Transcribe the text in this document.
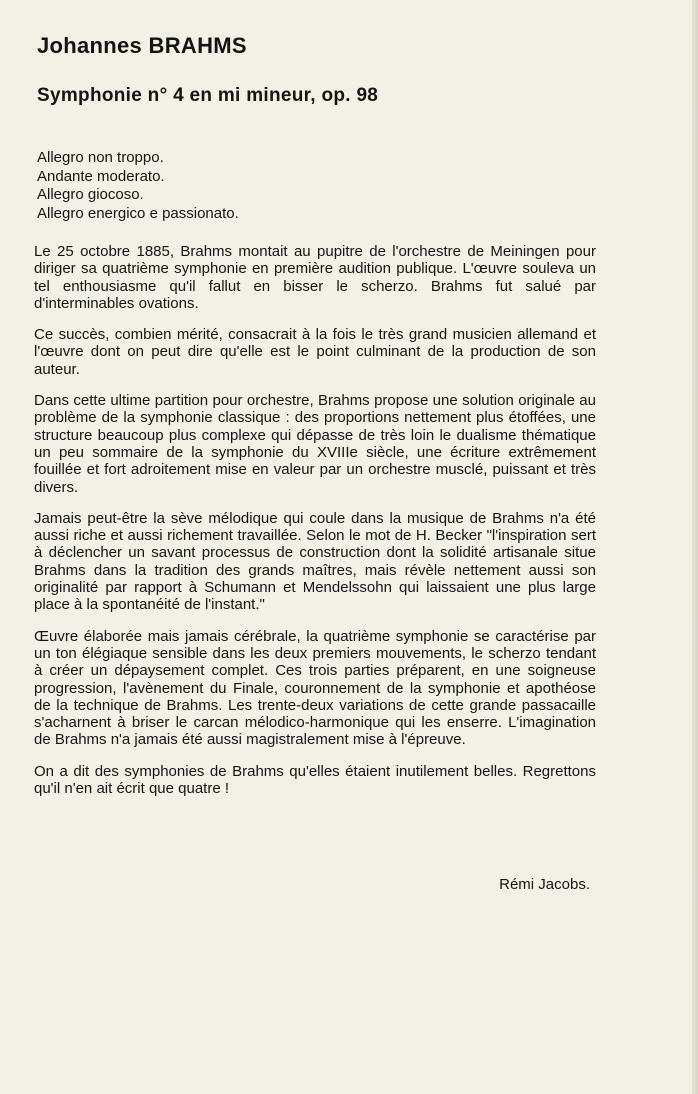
Johannes BRAHMS
Symphonie n° 4 en mi mineur, op. 98
Allegro non troppo.
Andante moderato.
Allegro giocoso.
Allegro energico e passionato.

Le 25 octobre 1885, Brahms montait au pupitre de l'orchestre de Meiningen pour diriger sa quatrième symphonie en première audition publique. L'œuvre souleva un tel enthousiasme qu'il fallut en bisser le scherzo. Brahms fut salué par d'interminables ovations.

Ce succès, combien mérité, consacrait à la fois le très grand musicien allemand et l'œuvre dont on peut dire qu'elle est le point culminant de la production de son auteur.

Dans cette ultime partition pour orchestre, Brahms propose une solution originale au problème de la symphonie classique : des proportions nettement plus étoffées, une structure beaucoup plus complexe qui dépasse de très loin le dualisme thématique un peu sommaire de la symphonie du XVIIIe siècle, une écriture extrêmement fouillée et fort adroitement mise en valeur par un orchestre musclé, puissant et très divers.

Jamais peut-être la sève mélodique qui coule dans la musique de Brahms n'a été aussi riche et aussi richement travaillée. Selon le mot de H. Becker "l'inspiration sert à déclencher un savant processus de construction dont la solidité artisanale situe Brahms dans la tradition des grands maîtres, mais révèle nettement aussi son originalité par rapport à Schumann et Mendelssohn qui laissaient une plus large place à la spontanéité de l'instant."

Œuvre élaborée mais jamais cérébrale, la quatrième symphonie se caractérise par un ton élégiaque sensible dans les deux premiers mouvements, le scherzo tendant à créer un dépaysement complet. Ces trois parties préparent, en une soigneuse progression, l'avènement du Finale, couronnement de la symphonie et apothéose de la technique de Brahms. Les trente-deux variations de cette grande passacaille s'acharnent à briser le carcan mélodico-harmonique qui les enserre. L'imagination de Brahms n'a jamais été aussi magistralement mise à l'épreuve.

On a dit des symphonies de Brahms qu'elles étaient inutilement belles. Regrettons qu'il n'en ait écrit que quatre !

Rémi Jacobs.
